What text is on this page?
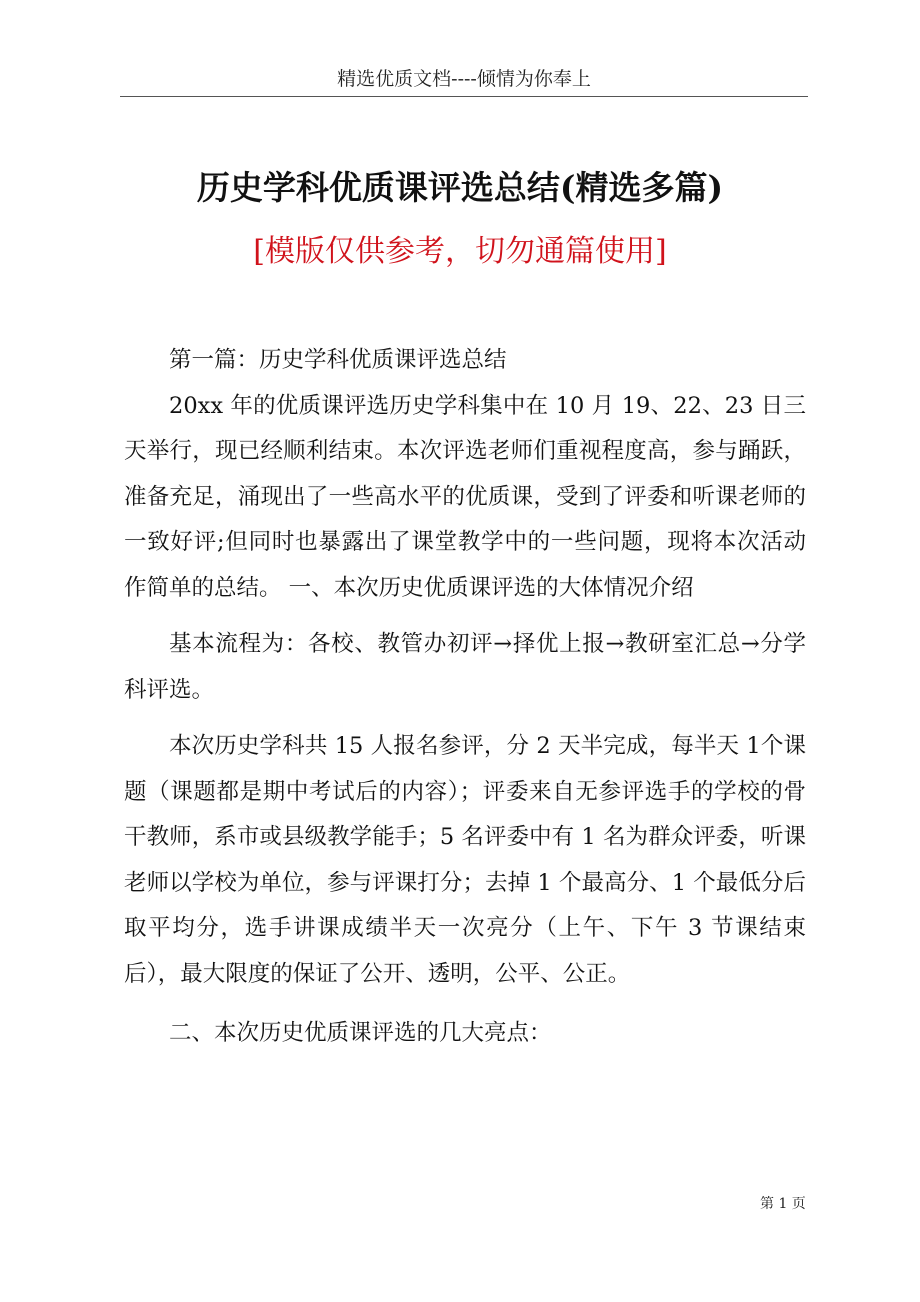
精选优质文档----倾情为你奉上
历史学科优质课评选总结(精选多篇)
[模版仅供参考，切勿通篇使用]

第一篇：历史学科优质课评选总结

20xx 年的优质课评选历史学科集中在 10 月 19、22、23 日三天举行，现已经顺利结束。本次评选老师们重视程度高，参与踊跃，准备充足，涌现出了一些高水平的优质课，受到了评委和听课老师的一致好评;但同时也暴露出了课堂教学中的一些问题，现将本次活动作简单的总结。 一、本次历史优质课评选的大体情况介绍

基本流程为：各校、教管办初评→择优上报→教研室汇总→分学科评选。

本次历史学科共 15 人报名参评，分 2 天半完成，每半天 1个课题（课题都是期中考试后的内容）；评委来自无参评选手的学校的骨干教师，系市或县级教学能手；5 名评委中有 1 名为群众评委，听课老师以学校为单位，参与评课打分；去掉 1 个最高分、1 个最低分后取平均分，选手讲课成绩半天一次亮分（上午、下午 3 节课结束后），最大限度的保证了公开、透明，公平、公正。

二、本次历史优质课评选的几大亮点：

第 1 页
